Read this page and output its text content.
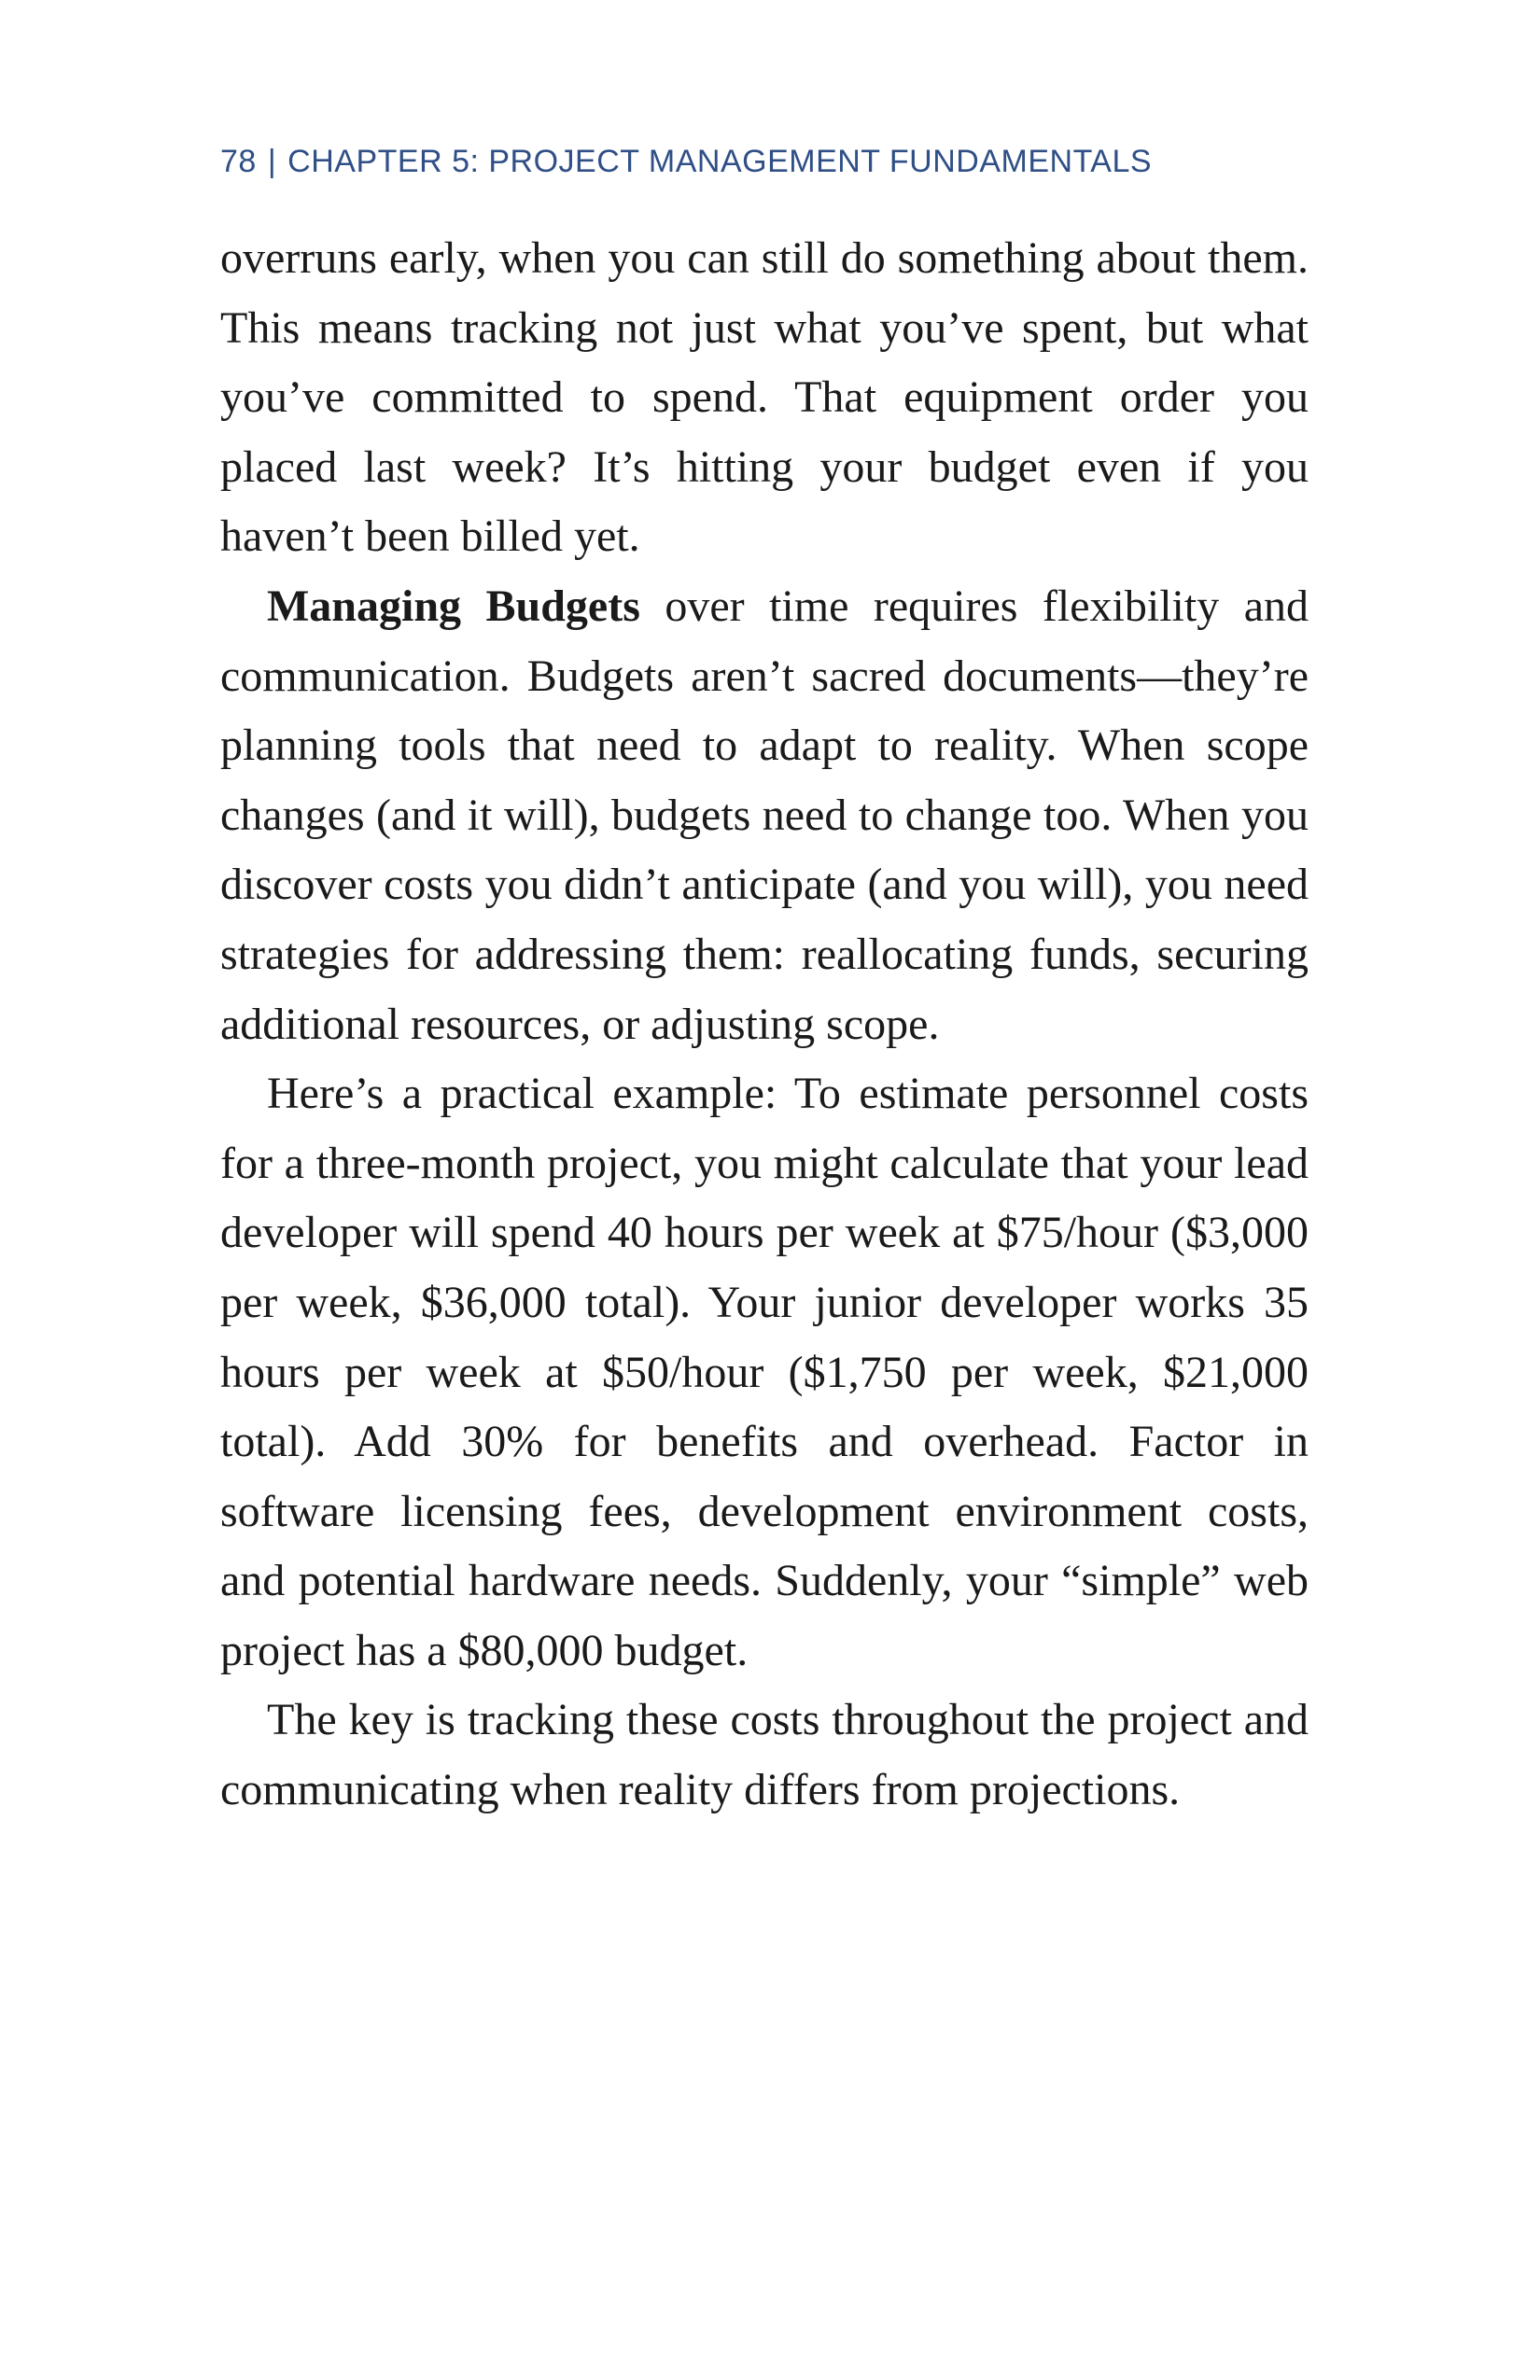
78 | CHAPTER 5: PROJECT MANAGEMENT FUNDAMENTALS

overruns early, when you can still do something about them. This means tracking not just what you’ve spent, but what you’ve committed to spend. That equipment order you placed last week? It’s hitting your budget even if you haven’t been billed yet.

Managing Budgets over time requires flexibility and communication. Budgets aren’t sacred documents—they’re planning tools that need to adapt to reality. When scope changes (and it will), budgets need to change too. When you discover costs you didn’t anticipate (and you will), you need strategies for addressing them: reallocating funds, securing additional resources, or adjusting scope.

Here’s a practical example: To estimate personnel costs for a three-month project, you might calculate that your lead developer will spend 40 hours per week at $75/hour ($3,000 per week, $36,000 total). Your junior developer works 35 hours per week at $50/hour ($1,750 per week, $21,000 total). Add 30% for benefits and overhead. Factor in software licensing fees, development environment costs, and potential hardware needs. Suddenly, your “simple” web project has a $80,000 budget.

The key is tracking these costs throughout the project and communicating when reality differs from projections.
